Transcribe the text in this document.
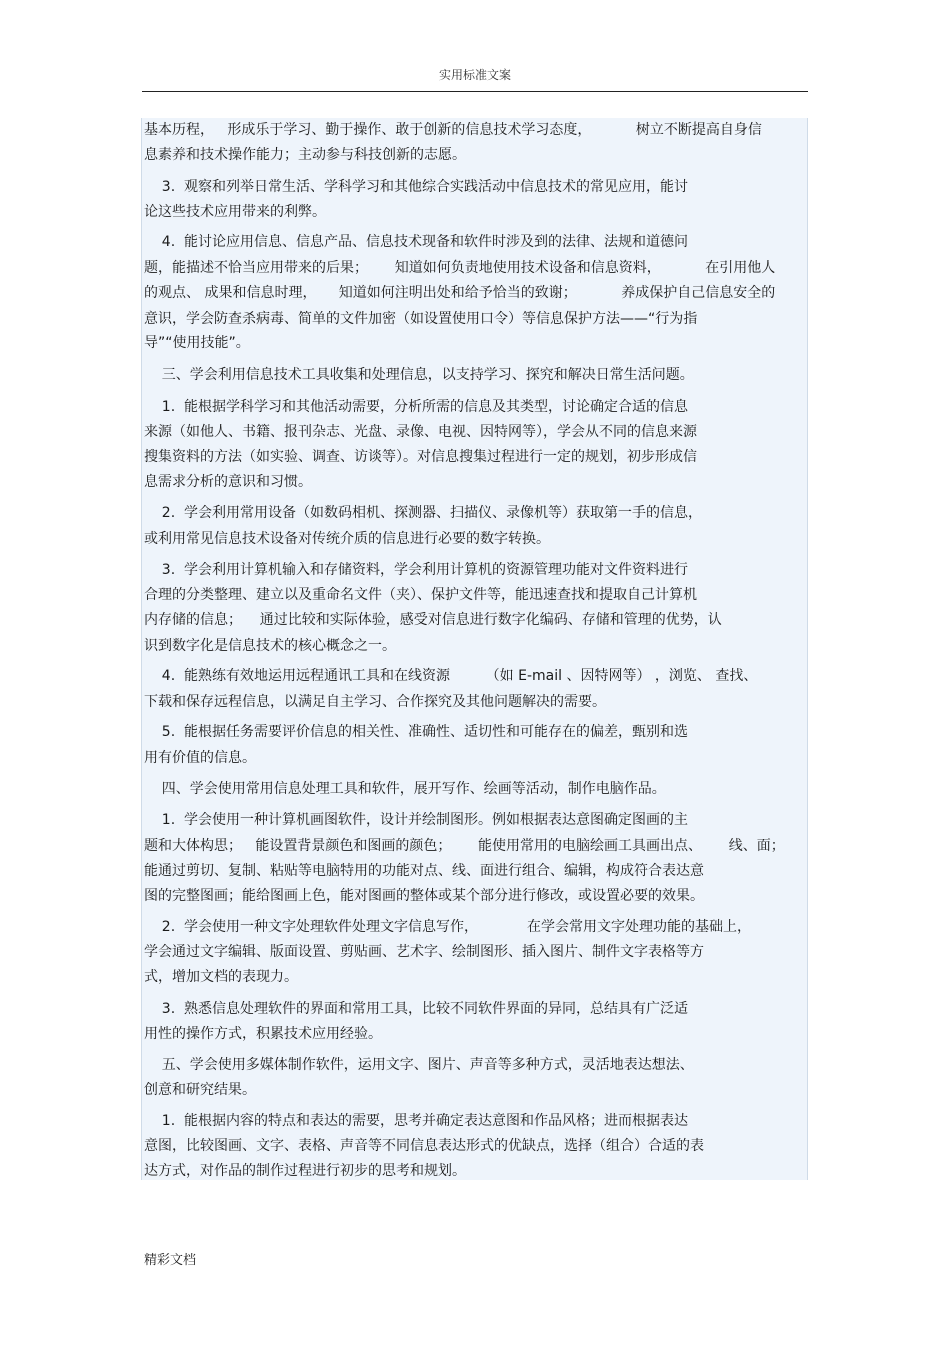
实用标准文案
基本历程，   形成乐于学习、勤于操作、敢于创新的信息技术学习态度，          树立不断提高自身信
息素养和技术操作能力；主动参与科技创新的志愿。
3.  观察和列举日常生活、学科学习和其他综合实践活动中信息技术的常见应用，能讨
论这些技术应用带来的利弊。
4.  能讨论应用信息、信息产品、信息技术现备和软件时涉及到的法律、法规和道德问
题，能描述不恰当应用带来的后果；      知道如何负责地使用技术设备和信息资料，          在引用他人
的观点、 成果和信息时理，     知道如何注明出处和给予恰当的致谢；          养成保护自己信息安全的
意识，学会防查杀病毒、简单的文件加密（如设置使用口令）等信息保护方法——“行为指
导”“使用技能”。
三、学会利用信息技术工具收集和处理信息，以支持学习、探究和解决日常生活问题。
1.  能根据学科学习和其他活动需要，分析所需的信息及其类型，讨论确定合适的信息
来源（如他人、书籍、报刊杂志、光盘、录像、电视、因特网等），学会从不同的信息来源
搜集资料的方法（如实验、调查、访谈等）。对信息搜集过程进行一定的规划，初步形成信
息需求分析的意识和习惯。
2.  学会利用常用设备（如数码相机、探测器、扫描仪、录像机等）获取第一手的信息，
或利用常见信息技术设备对传统介质的信息进行必要的数字转换。
3.  学会利用计算机输入和存储资料，学会利用计算机的资源管理功能对文件资料进行
合理的分类整理、建立以及重命名文件（夹）、保护文件等，能迅速查找和提取自己计算机
内存储的信息；    通过比较和实际体验，感受对信息进行数字化编码、存储和管理的优势，认
识到数字化是信息技术的核心概念之一。
4.  能熟练有效地运用远程通讯工具和在线资源        （如 E-mail 、因特网等） ，浏览、 查找、
下载和保存远程信息，以满足自主学习、合作探究及其他问题解决的需要。
5.  能根据任务需要评价信息的相关性、准确性、适切性和可能存在的偏差，甄别和选
用有价值的信息。
四、学会使用常用信息处理工具和软件，展开写作、绘画等活动，制作电脑作品。
1.  学会使用一种计算机画图软件，设计并绘制图形。例如根据表达意图确定图画的主
题和大体构思；   能设置背景颜色和图画的颜色；      能使用常用的电脑绘画工具画出点、      线、面；
能通过剪切、复制、粘贴等电脑特用的功能对点、线、面进行组合、编辑，构成符合表达意
图的完整图画；能给图画上色，能对图画的整体或某个部分进行修改，或设置必要的效果。
2.  学会使用一种文字处理软件处理文字信息写作，           在学会常用文字处理功能的基础上，
学会通过文字编辑、版面设置、剪贴画、艺术字、绘制图形、插入图片、制件文字表格等方
式，增加文档的表现力。
3.  熟悉信息处理软件的界面和常用工具，比较不同软件界面的异同，总结具有广泛适
用性的操作方式，积累技术应用经验。
五、学会使用多媒体制作软件，运用文字、图片、声音等多种方式，灵活地表达想法、
创意和研究结果。
1.  能根据内容的特点和表达的需要，思考并确定表达意图和作品风格；进而根据表达
意图，比较图画、文字、表格、声音等不同信息表达形式的优缺点，选择（组合）合适的表
达方式，对作品的制作过程进行初步的思考和规划。
精彩文档
